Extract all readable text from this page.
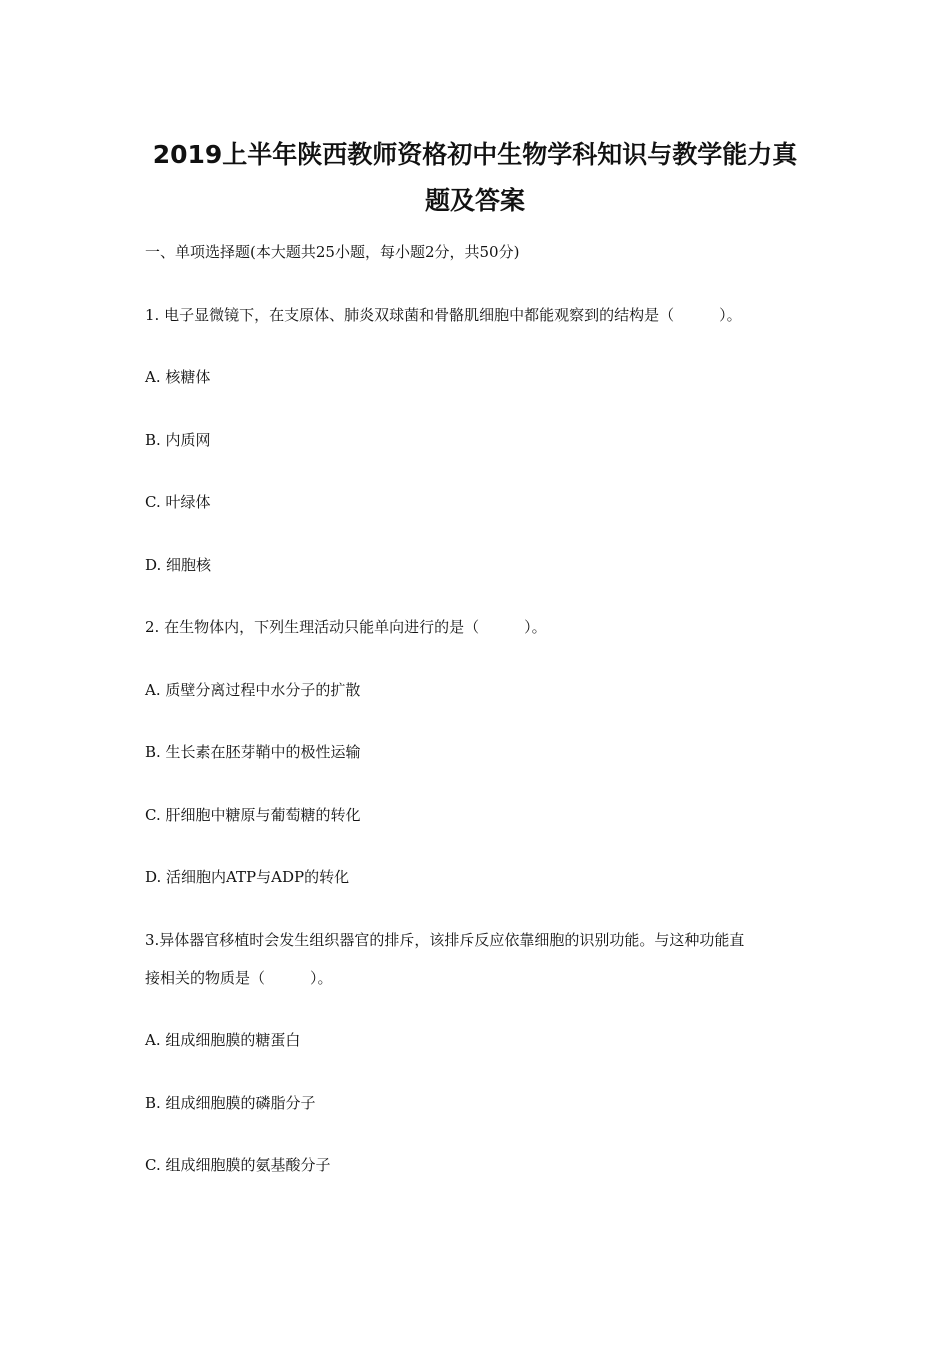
2019上半年陕西教师资格初中生物学科知识与教学能力真
题及答案

一、单项选择题(本大题共25小题，每小题2分，共50分)

1. 电子显微镜下，在支原体、肺炎双球菌和骨骼肌细胞中都能观察到的结构是（　　　）。

A. 核糖体

B. 内质网

C. 叶绿体

D. 细胞核

2. 在生物体内，下列生理活动只能单向进行的是（　　　）。

A. 质壁分离过程中水分子的扩散

B. 生长素在胚芽鞘中的极性运输

C. 肝细胞中糖原与葡萄糖的转化

D. 活细胞内ATP与ADP的转化

3.异体器官移植时会发生组织器官的排斥，该排斥反应依靠细胞的识别功能。与这种功能直

接相关的物质是（　　　）。

A. 组成细胞膜的糖蛋白

B. 组成细胞膜的磷脂分子

C. 组成细胞膜的氨基酸分子
